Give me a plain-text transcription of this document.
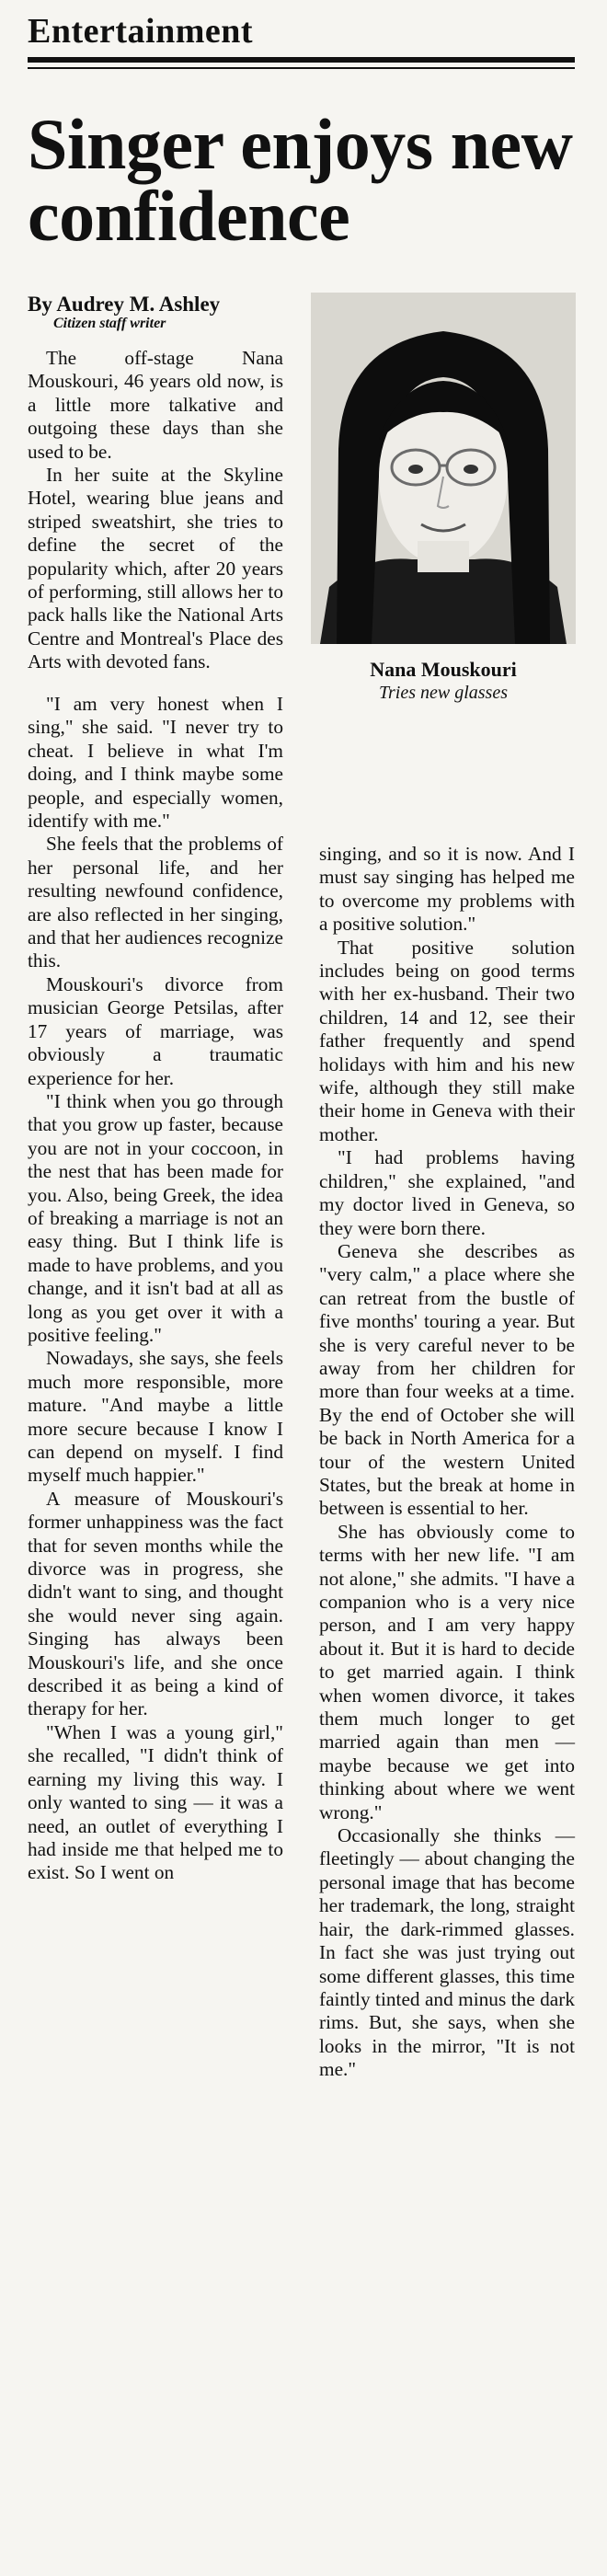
Entertainment
Singer enjoys new confidence
By Audrey M. Ashley
Citizen staff writer

The off-stage Nana Mouskouri, 46 years old now, is a little more talkative and outgoing these days than she used to be.

In her suite at the Skyline Hotel, wearing blue jeans and striped sweatshirt, she tries to define the secret of the popularity which, after 20 years of performing, still allows her to pack halls like the National Arts Centre and Montreal's Place des Arts with devoted fans.	Nana Mouskouri
Tries new glasses

"I am very honest when I sing," she said. "I never try to cheat. I believe in what I'm doing, and I think maybe some people, and especially women, identify with me."

She feels that the problems of her personal life, and her resulting newfound confidence, are also reflected in her singing, and that her audiences recognize this.

Mouskouri's divorce from musician George Petsilas, after 17 years of marriage, was obviously a traumatic experience for her.

"I think when you go through that you grow up faster, because you are not in your coccoon, in the nest that has been made for you. Also, being Greek, the idea of breaking a marriage is not an easy thing. But I think life is made to have problems, and you change, and it isn't bad at all as long as you get over it with a positive feeling."

Nowadays, she says, she feels much more responsible, more mature. "And maybe a little more secure because I know I can depend on myself. I find myself much happier."

A measure of Mouskouri's former unhappiness was the fact that for seven months while the divorce was in progress, she didn't want to sing, and thought she would never sing again. Singing has always been Mouskouri's life, and she once described it as being a kind of therapy for her.

"When I was a young girl," she recalled, "I didn't think of earning my living this way. I only wanted to sing — it was a need, an outlet of everything I had inside me that helped me to exist. So I went on

singing, and so it is now. And I must say singing has helped me to overcome my problems with a positive solution."

That positive solution includes being on good terms with her ex-husband. Their two children, 14 and 12, see their father frequently and spend holidays with him and his new wife, although they still make their home in Geneva with their mother.

"I had problems having children," she explained, "and my doctor lived in Geneva, so they were born there.

Geneva she describes as "very calm," a place where she can retreat from the bustle of five months' touring a year. But she is very careful never to be away from her children for more than four weeks at a time. By the end of October she will be back in North America for a tour of the western United States, but the break at home in between is essential to her.

She has obviously come to terms with her new life. "I am not alone," she admits. "I have a companion who is a very nice person, and I am very happy about it. But it is hard to decide to get married again. I think when women divorce, it takes them much longer to get married again than men — maybe because we get into thinking about where we went wrong."

Occasionally she thinks — fleetingly — about changing the personal image that has become her trademark, the long, straight hair, the dark-rimmed glasses. In fact she was just trying out some different glasses, this time faintly tinted and minus the dark rims. But, she says, when she looks in the mirror, "It is not me."
